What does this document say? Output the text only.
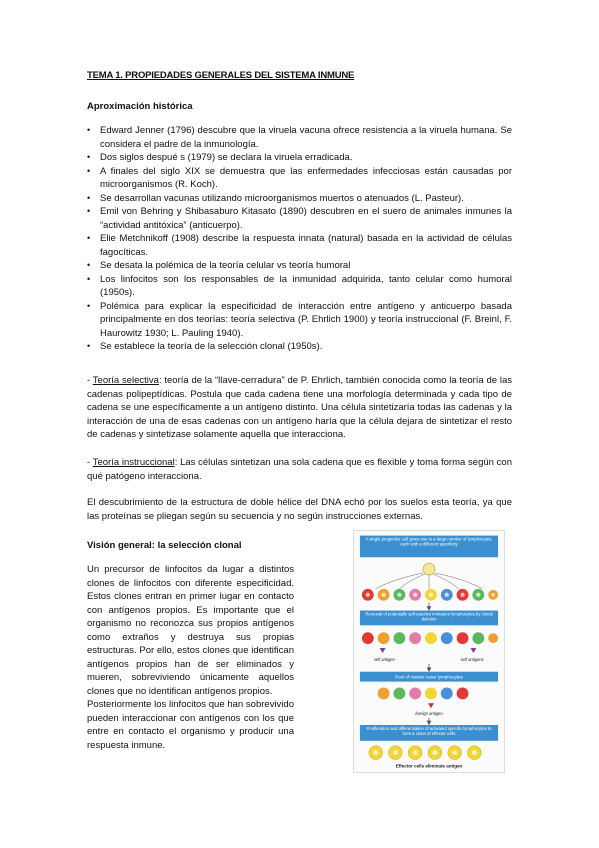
TEMA 1. PROPIEDADES GENERALES DEL SISTEMA INMUNE
Aproximación histórica
• Edward Jenner (1796) descubre que la viruela vacuna ofrece resistencia a la viruela humana. Se considera el padre de la inmunología.
• Dos siglos despué s (1979) se declara la viruela erradicada.
• A finales del siglo XIX se demuestra que las enfermedades infecciosas están causadas por microorganismos (R. Koch).
• Se desarrollan vacunas utilizando microorganismos muertos o atenuados (L. Pasteur).
• Emil von Behring y Shibasaburo Kitasato (1890) descubren en el suero de animales inmunes la “actividad antitóxica” (anticuerpo).
• Elie Metchnikoff (1908) describe la respuesta innata (natural) basada en la actividad de células fagocíticas.
• Se desata la polémica de la teoría celular vs teoría humoral
• Los linfocitos son los responsables de la inmunidad adquirida, tanto celular como humoral (1950s).
• Polémica para explicar la especificidad de interacción entre antígeno y anticuerpo basada principalmente en dos teorías: teoría selectiva (P. Ehrlich 1900) y teoría instruccional (F. Breinl, F. Haurowitz 1930; L. Pauling 1940).
• Se establece la teoría de la selección clonal (1950s).

- Teoría selectiva: teoría de la “llave-cerradura” de P. Ehrlich, también conocida como la teoría de las cadenas polipeptídicas. Postula que cada cadena tiene una morfología determinada y cada tipo de cadena se une específicamente a un antígeno distinto. Una célula sintetizaría todas las cadenas y la interacción de una de esas cadenas con un antígeno haría que la célula dejara de sintetizar el resto de cadenas y sintetizase solamente aquella que interacciona.

- Teoría instruccional: Las células sintetizan una sola cadena que es flexible y toma forma según con qué patógeno interacciona.

El descubrimiento de la estructura de doble hélice del DNA echó por los suelos esta teoría, ya que las proteínas se pliegan según su secuencia y no según instrucciones externas.

Visión general: la selección clonal

Un precursor de linfocitos da lugar a distintos clones de linfocitos con diferente especificidad. Estos clones entran en primer lugar en contacto con antígenos propios. Es importante que el organismo no reconozca sus propios antígenos como extraños y destruya sus propias estructuras. Por ello, estos clones que identifican antígenos propios han de ser eliminados y mueren, sobreviviendo únicamente aquellos clones que no identifican antígenos propios.

Posteriormente los linfocitos que han sobrevivido pueden interaccionar con antígenos con los que entre en contacto el organismo y producir una respuesta inmune.

A single progenitor cell gives rise to a large number of lymphocytes, each with a different specificity
Removal of potentially self-reactive immature lymphocytes by clonal deletion
self antigen	self antigens
Pool of mature naive lymphocytes
foreign antigen
Proliferation and differentiation of activated specific lymphocytes to form a clone of effector cells
Effector cells eliminate antigen
